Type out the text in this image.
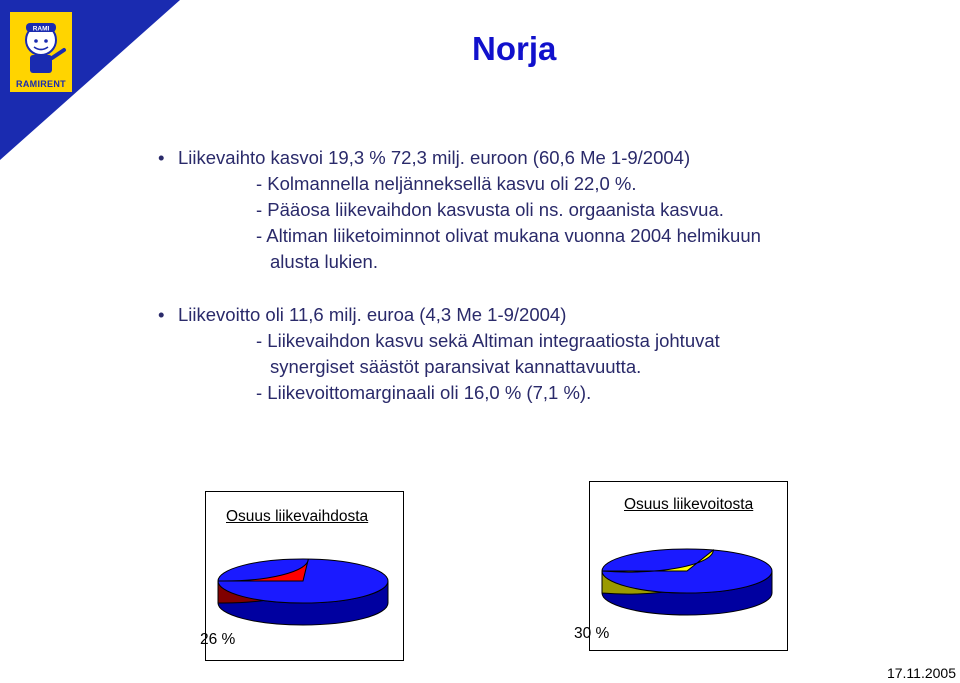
RAMI
RAMIRENT
Norja
• Liikevaihto kasvoi 19,3 % 72,3 milj. euroon (60,6 Me 1-9/2004)
- Kolmannella neljänneksellä kasvu oli 22,0 %.
- Pääosa liikevaihdon kasvusta oli ns. orgaanista kasvua.
- Altiman liiketoiminnot olivat mukana vuonna 2004 helmikuun
alusta lukien.
• Liikevoitto oli 11,6 milj. euroa (4,3 Me 1-9/2004)
- Liikevaihdon kasvu sekä Altiman integraatiosta johtuvat
synergiset säästöt paransivat kannattavuutta.
- Liikevoittomarginaali oli 16,0 % (7,1 %).
Osuus liikevaihdosta
26 %
Osuus liikevoitosta
30 %
17.11.2005
